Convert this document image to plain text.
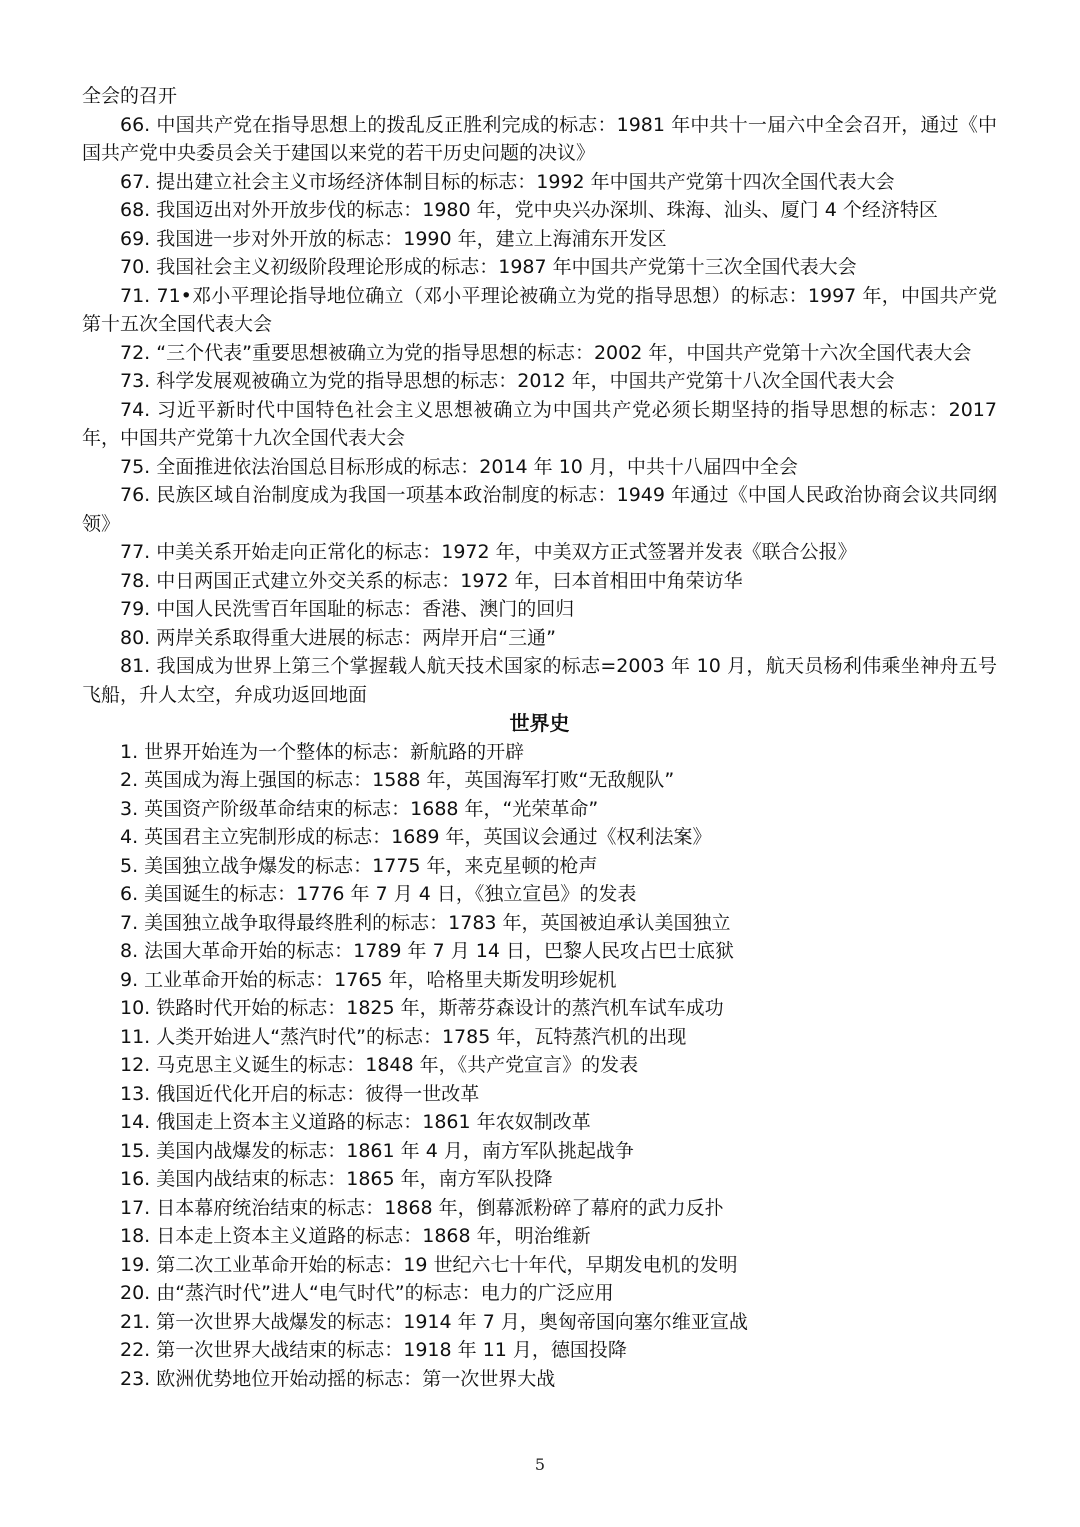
全会的召开

66. 中国共产党在指导思想上的拨乱反正胜利完成的标志：1981 年中共十一届六中全会召开，通过《中国共产党中央委员会关于建国以来党的若干历史问题的决议》

67. 提出建立社会主义市场经济体制目标的标志：1992 年中国共产党第十四次全国代表大会

68. 我国迈出对外开放步伐的标志：1980 年，党中央兴办深圳、珠海、汕头、厦门 4 个经济特区

69. 我国进一步对外开放的标志：1990 年，建立上海浦东开发区

70. 我国社会主义初级阶段理论形成的标志：1987 年中国共产党第十三次全国代表大会

71. 71•邓小平理论指导地位确立（邓小平理论被确立为党的指导思想）的标志：1997 年，中国共产党第十五次全国代表大会

72. “三个代表”重要思想被确立为党的指导思想的标志：2002 年，中国共产党第十六次全国代表大会

73. 科学发展观被确立为党的指导思想的标志：2012 年，中国共产党第十八次全国代表大会

74. 习近平新时代中国特色社会主义思想被确立为中国共产党必须长期坚持的指导思想的标志：2017 年，中国共产党第十九次全国代表大会

75. 全面推进依法治国总目标形成的标志：2014 年 10 月，中共十八届四中全会

76. 民族区域自治制度成为我国一项基本政治制度的标志：1949 年通过《中国人民政治协商会议共同纲领》

77. 中美关系开始走向正常化的标志：1972 年，中美双方正式签署并发表《联合公报》

78. 中日两国正式建立外交关系的标志：1972 年，曰本首相田中角荣访华

79. 中国人民洗雪百年国耻的标志：香港、澳门的回归

80. 两岸关系取得重大进展的标志：两岸开启“三通”

81. 我国成为世界上第三个掌握载人航天技术国家的标志=2003 年 10 月，航天员杨利伟乘坐神舟五号飞船，升人太空，弁成功返回地面

世界史

1. 世界开始连为一个整体的标志：新航路的开辟

2. 英国成为海上强国的标志：1588 年，英国海军打败“无敌舰队”

3. 英国资产阶级革命结束的标志：1688 年，“光荣革命”

4. 英国君主立宪制形成的标志：1689 年，英国议会通过《权利法案》

5. 美国独立战争爆发的标志：1775 年，来克星顿的枪声

6. 美国诞生的标志：1776 年 7 月 4 日，《独立宣邑》的发表

7. 美国独立战争取得最终胜利的标志：1783 年，英国被迫承认美国独立

8. 法国大革命开始的标志：1789 年 7 月 14 日，巴黎人民攻占巴士底狱

9. 工业革命开始的标志：1765 年，哈格里夫斯发明珍妮机

10. 铁路时代开始的标志：1825 年，斯蒂芬森设计的蒸汽机车试车成功

11. 人类开始进人“蒸汽时代”的标志：1785 年，瓦特蒸汽机的出现

12. 马克思主义诞生的标志：1848 年，《共产党宣言》的发表

13. 俄国近代化开启的标志：彼得一世改革

14. 俄国走上资本主义道路的标志：1861 年农奴制改革

15. 美国内战爆发的标志：1861 年 4 月，南方军队挑起战争

16. 美国内战结束的标志：1865 年，南方军队投降

17. 日本幕府统治结束的标志：1868 年，倒幕派粉碎了幕府的武力反扑

18. 日本走上资本主义道路的标志：1868 年，明治维新

19. 第二次工业革命开始的标志：19 世纪六七十年代，早期发电机的发明

20. 由“蒸汽时代”进人“电气时代”的标志：电力的广泛应用

21. 第一次世界大战爆发的标志：1914 年 7 月，奥匈帝国向塞尔维亚宣战

22. 第一次世界大战结束的标志：1918 年 11 月，德国投降

23. 欧洲优势地位开始动摇的标志：第一次世界大战

5
